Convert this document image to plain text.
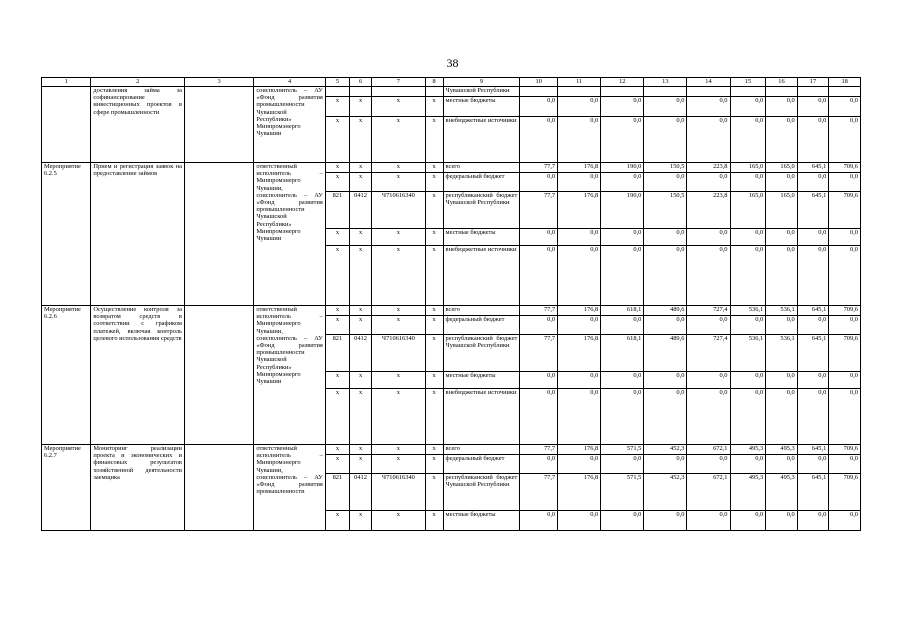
38
1	2	3	4	5	6	7	8	9	10	11	12	13	14	15	16	17	18
	доставления займа за софинансирование инвестиционных проектов в сфере промышленности		соисполнитель – АУ «Фонд развития промышленности Чувашской Республики» Минпромэнерго Чувашии					Чувашской Республики									
				x	x	x	x	местные бюджеты	0,0	0,0	0,0	0,0	0,0	0,0	0,0	0,0	0,0
				x	x	x	x	внебюджетные источники	0,0	0,0	0,0	0,0	0,0	0,0	0,0	0,0	0,0
Мероприятие 6.2.5	Прием и регистрация заявок на предоставление займов		ответственный исполнитель – Минпромэнерго Чувашии, соисполнитель – АУ «Фонд развития промышленности Чувашской Республики» Минпромэнерго Чувашии	x	x	x	x	всего	77,7	176,8	190,0	150,5	223,8	165,0	165,0	645,1	709,6
				x	x	x	x	федеральный бюджет	0,0	0,0	0,0	0,0	0,0	0,0	0,0	0,0	0,0
				821	0412	Ч710616340	x	республиканский бюджет Чувашской Республики	77,7	176,8	190,0	150,5	223,8	165,0	165,0	645,1	709,6
				x	x	x	x	местные бюджеты	0,0	0,0	0,0	0,0	0,0	0,0	0,0	0,0	0,0
				x	x	x	x	внебюджетные источники	0,0	0,0	0,0	0,0	0,0	0,0	0,0	0,0	0,0
Мероприятие 6.2.6	Осуществление контроля за возвратом средств в соответствии с графиком платежей, включая контроль целевого использования средств		ответственный исполнитель – Минпромэнерго Чувашии, соисполнитель – АУ «Фонд развития промышленности Чувашской Республики» Минпромэнерго Чувашии	x	x	x	x	всего	77,7	176,8	618,1	489,6	727,4	536,1	536,1	645,1	709,6
				x	x	x	x	федеральный бюджет	0,0	0,0	0,0	0,0	0,0	0,0	0,0	0,0	0,0
				821	0412	Ч710616340	x	республиканский бюджет Чувашской Республики	77,7	176,8	618,1	489,6	727,4	536,1	536,1	645,1	709,6
				x	x	x	x	местные бюджеты	0,0	0,0	0,0	0,0	0,0	0,0	0,0	0,0	0,0
				x	x	x	x	внебюджетные источники	0,0	0,0	0,0	0,0	0,0	0,0	0,0	0,0	0,0
Мероприятие 6.2.7	Мониторинг реализации проекта и экономических и финансовых результатов хозяйственной деятельности заемщика		ответственный исполнитель – Минпромэнерго Чувашии, соисполнитель – АУ «Фонд развития промышленности	x	x	x	x	всего	77,7	176,8	571,5	452,3	672,1	495,3	495,3	645,1	709,6
				x	x	x	x	федеральный бюджет	0,0	0,0	0,0	0,0	0,0	0,0	0,0	0,0	0,0
				821	0412	Ч710616340	x	республиканский бюджет Чувашской Республики	77,7	176,8	571,5	452,3	672,1	495,3	495,3	645,1	709,6
				x	x	x	x	местные бюджеты	0,0	0,0	0,0	0,0	0,0	0,0	0,0	0,0	0,0
